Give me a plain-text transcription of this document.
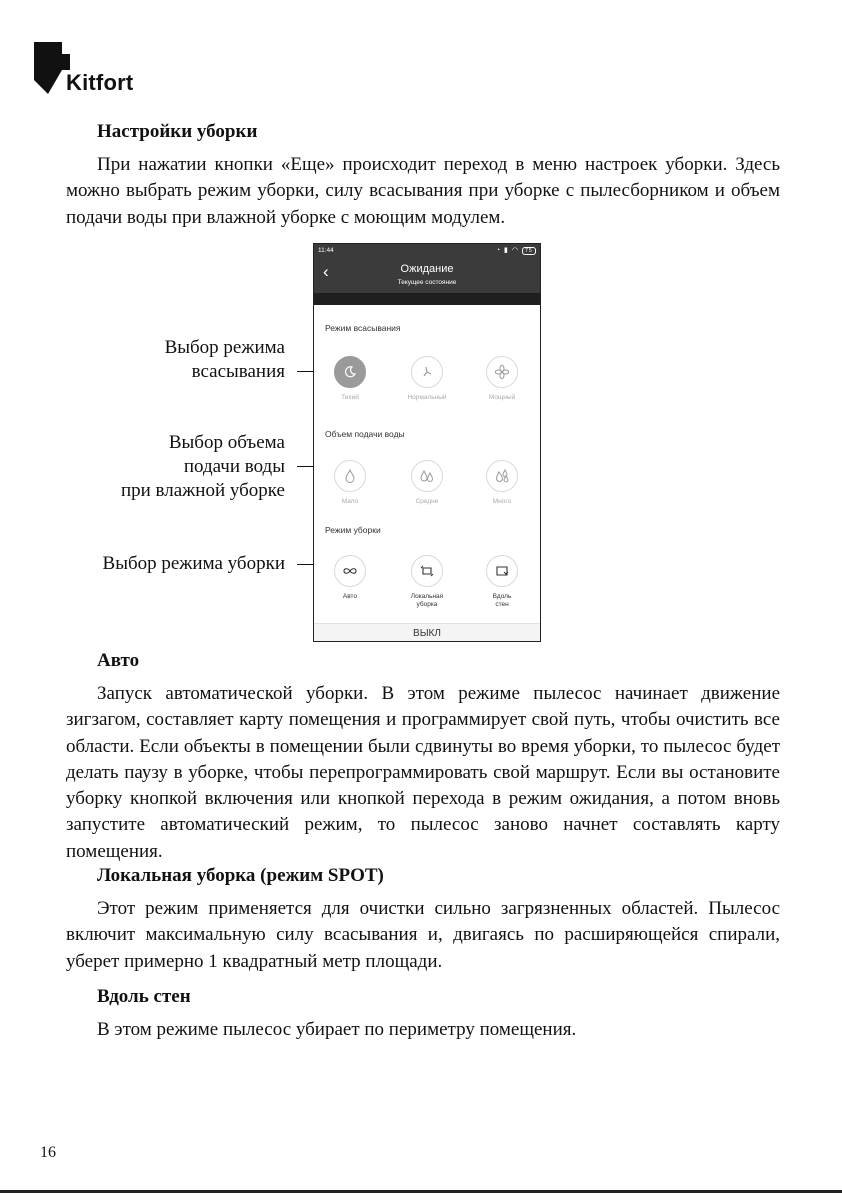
Kitfort
Настройки уборки

При нажатии кнопки «Еще» происходит переход в меню настроек уборки. Здесь можно выбрать режим уборки, силу всасывания при уборке с пылесборником и объем подачи воды при влажной уборке с моющим модулем.

Выбор режима
всасывания
Выбор объема
подачи воды
при влажной уборке
Выбор режима уборки
11:44	◔ ▮ ◠ 75
‹	Ожидание
Текущее состояние
Режим всасывания
Тихий	Нормальный	Мощный
Объем подачи воды
Мало	Средне	Много
Режим уборки
Авто	Локальная
уборка
Вдоль
стен
ВЫКЛ
Авто

Запуск автоматической уборки. В этом режиме пылесос начинает движение зигзагом, составляет карту помещения и программирует свой путь, чтобы очистить все области. Если объекты в помещении были сдвинуты во время уборки, то пылесос будет делать паузу в уборке, чтобы перепрограммировать свой маршрут. Если вы остановите уборку кнопкой включения или кнопкой перехода в режим ожидания, а потом вновь запустите автоматический режим, то пылесос заново начнет составлять карту помещения.

Локальная уборка (режим SPOT)

Этот режим применяется для очистки сильно загрязненных областей. Пылесос включит максимальную силу всасывания и, двигаясь по расширяющейся спирали, уберет примерно 1 квадратный метр площади.

Вдоль стен

В этом режиме пылесос убирает по периметру помещения.

16
